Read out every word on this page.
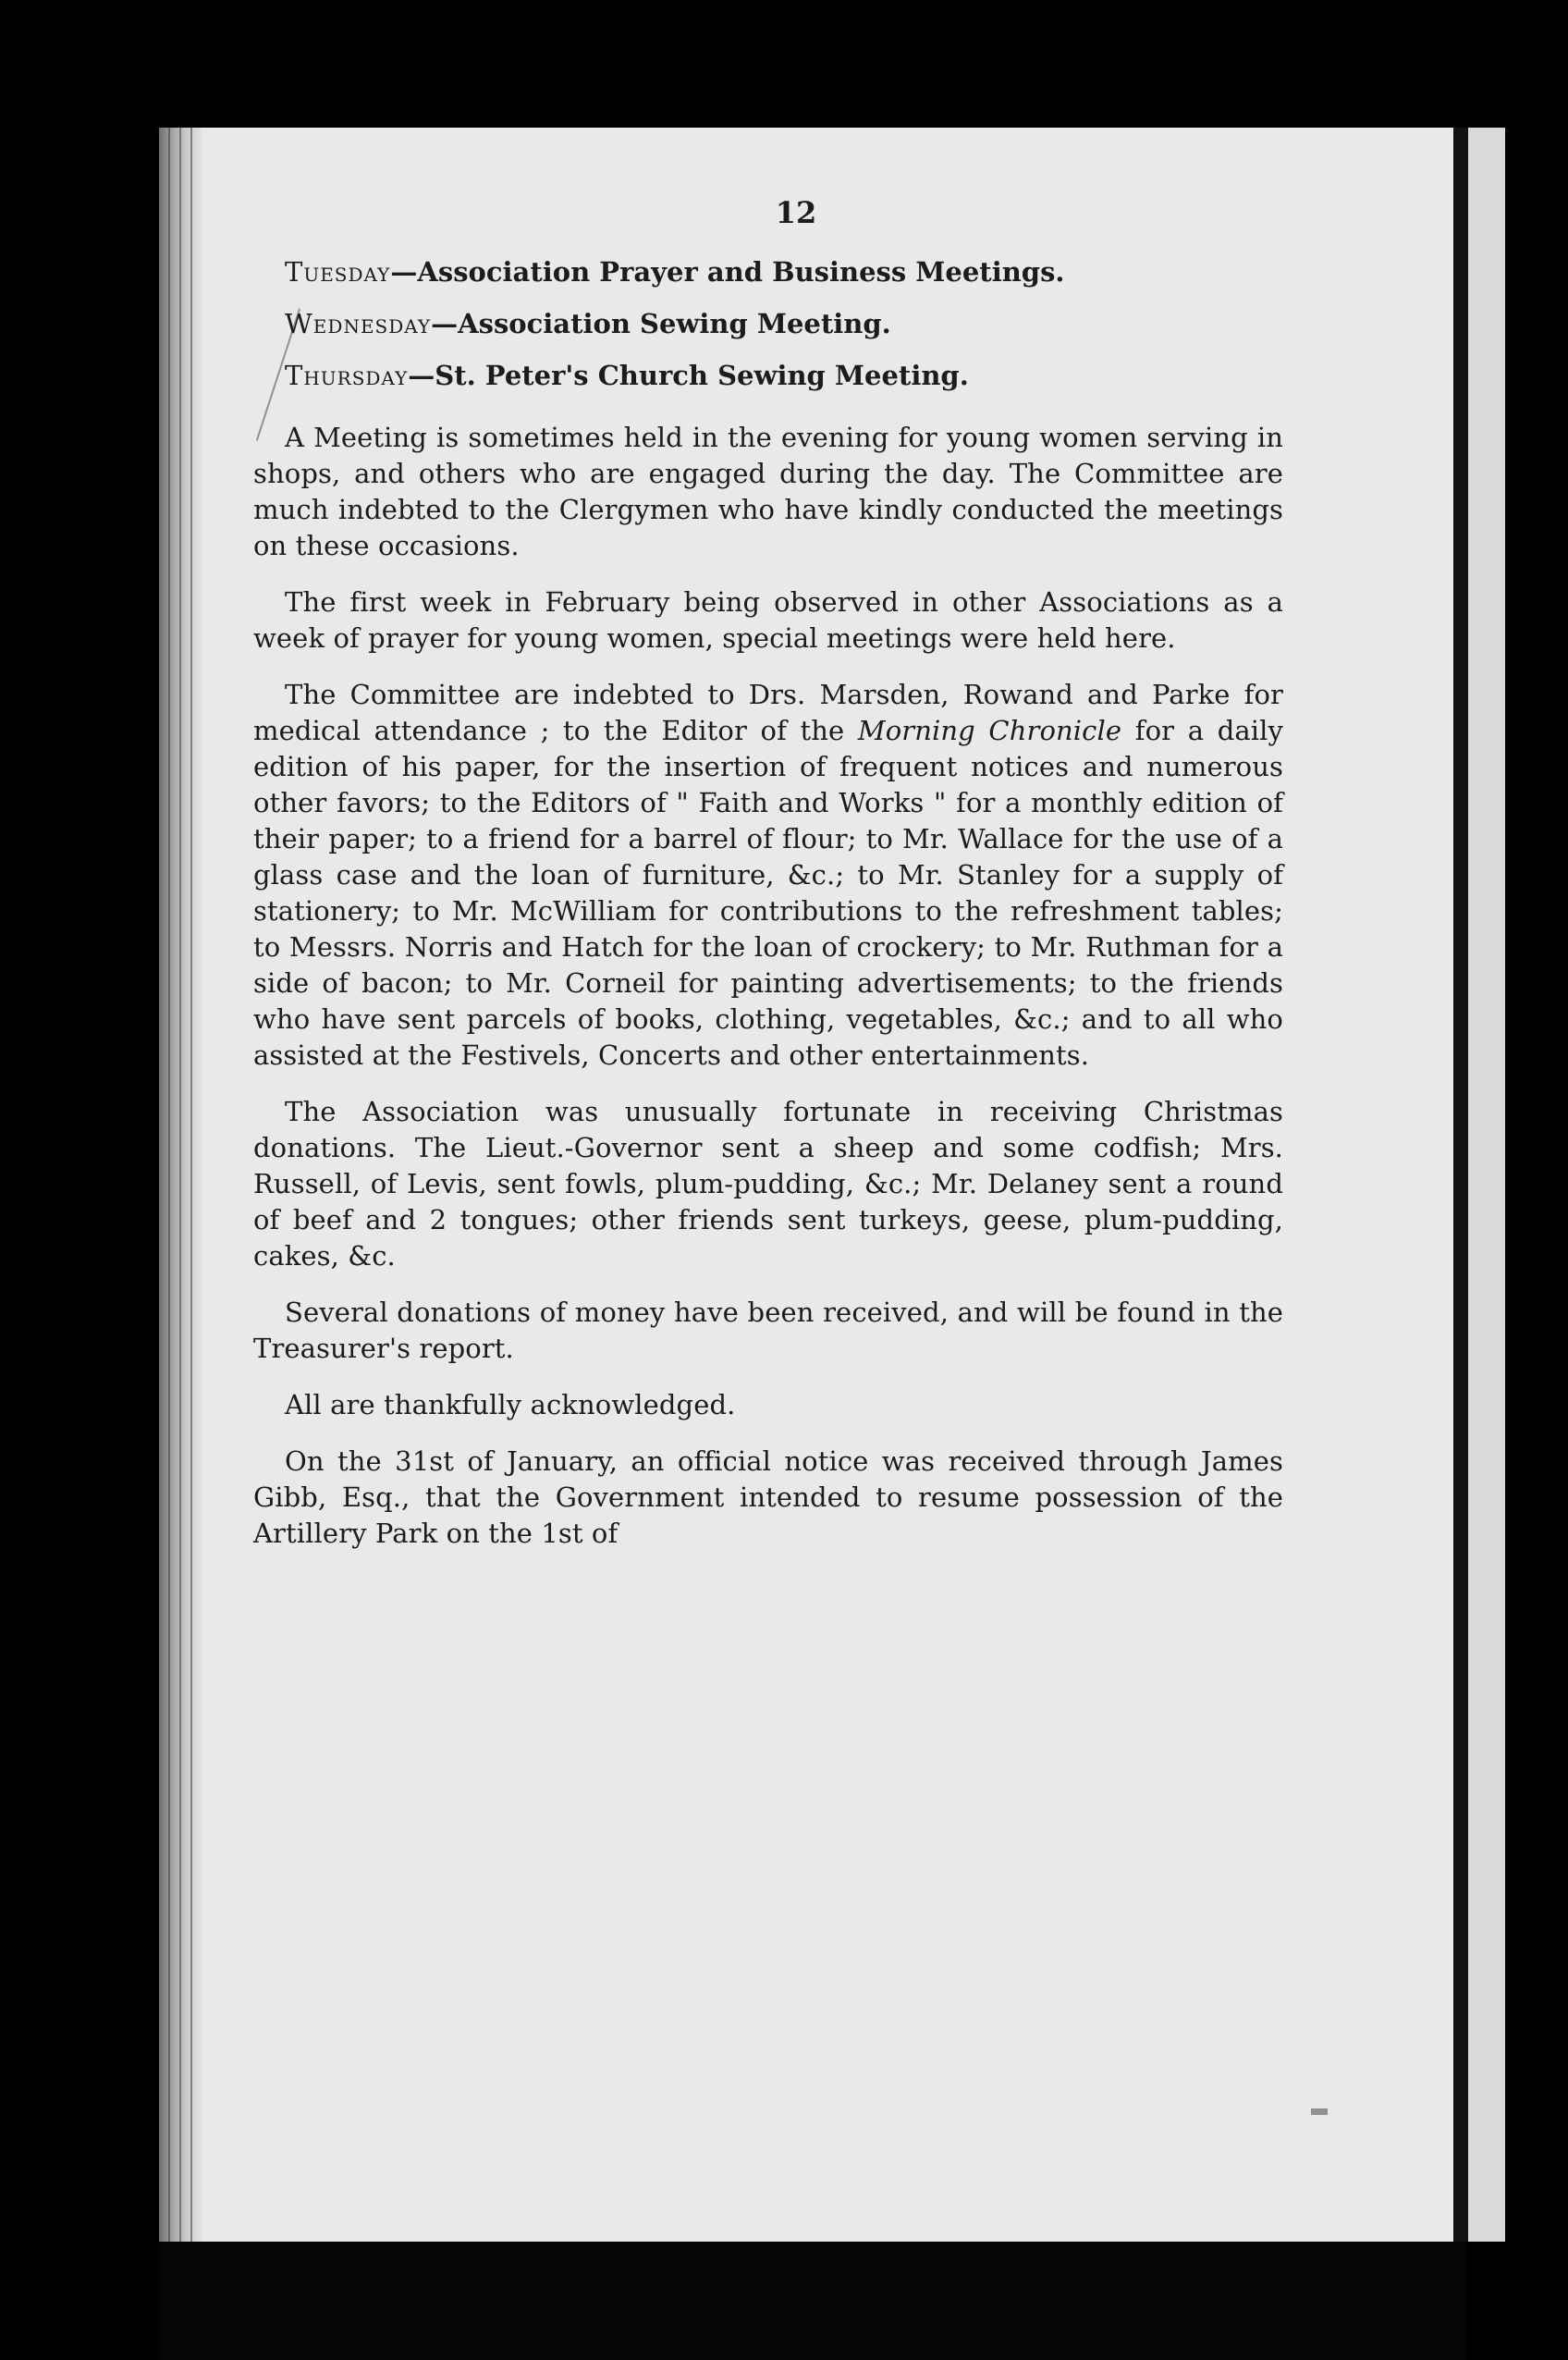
12
Tuesday—Association Prayer and Business Meetings.
Wednesday—Association Sewing Meeting.
Thursday—St. Peter's Church Sewing Meeting.

A Meeting is sometimes held in the evening for young women serving in shops, and others who are engaged during the day. The Committee are much indebted to the Clergymen who have kindly conducted the meetings on these occasions.

The first week in February being observed in other Associations as a week of prayer for young women, special meetings were held here.

The Committee are indebted to Drs. Marsden, Rowand and Parke for medical attendance ; to the Editor of the Morning Chronicle for a daily edition of his paper, for the insertion of frequent notices and numerous other favors; to the Editors of " Faith and Works " for a monthly edition of their paper; to a friend for a barrel of flour; to Mr. Wallace for the use of a glass case and the loan of furniture, &c.; to Mr. Stanley for a supply of stationery; to Mr. McWilliam for contributions to the refreshment tables; to Messrs. Norris and Hatch for the loan of crockery; to Mr. Ruthman for a side of bacon; to Mr. Corneil for painting advertisements; to the friends who have sent parcels of books, clothing, vegetables, &c.; and to all who assisted at the Festivels, Concerts and other entertainments.

The Association was unusually fortunate in receiving Christmas donations. The Lieut.-Governor sent a sheep and some codfish; Mrs. Russell, of Levis, sent fowls, plum-pudding, &c.; Mr. Delaney sent a round of beef and 2 tongues; other friends sent turkeys, geese, plum-pudding, cakes, &c.

Several donations of money have been received, and will be found in the Treasurer's report.

All are thankfully acknowledged.

On the 31st of January, an official notice was received through James Gibb, Esq., that the Government intended to resume possession of the Artillery Park on the 1st of
